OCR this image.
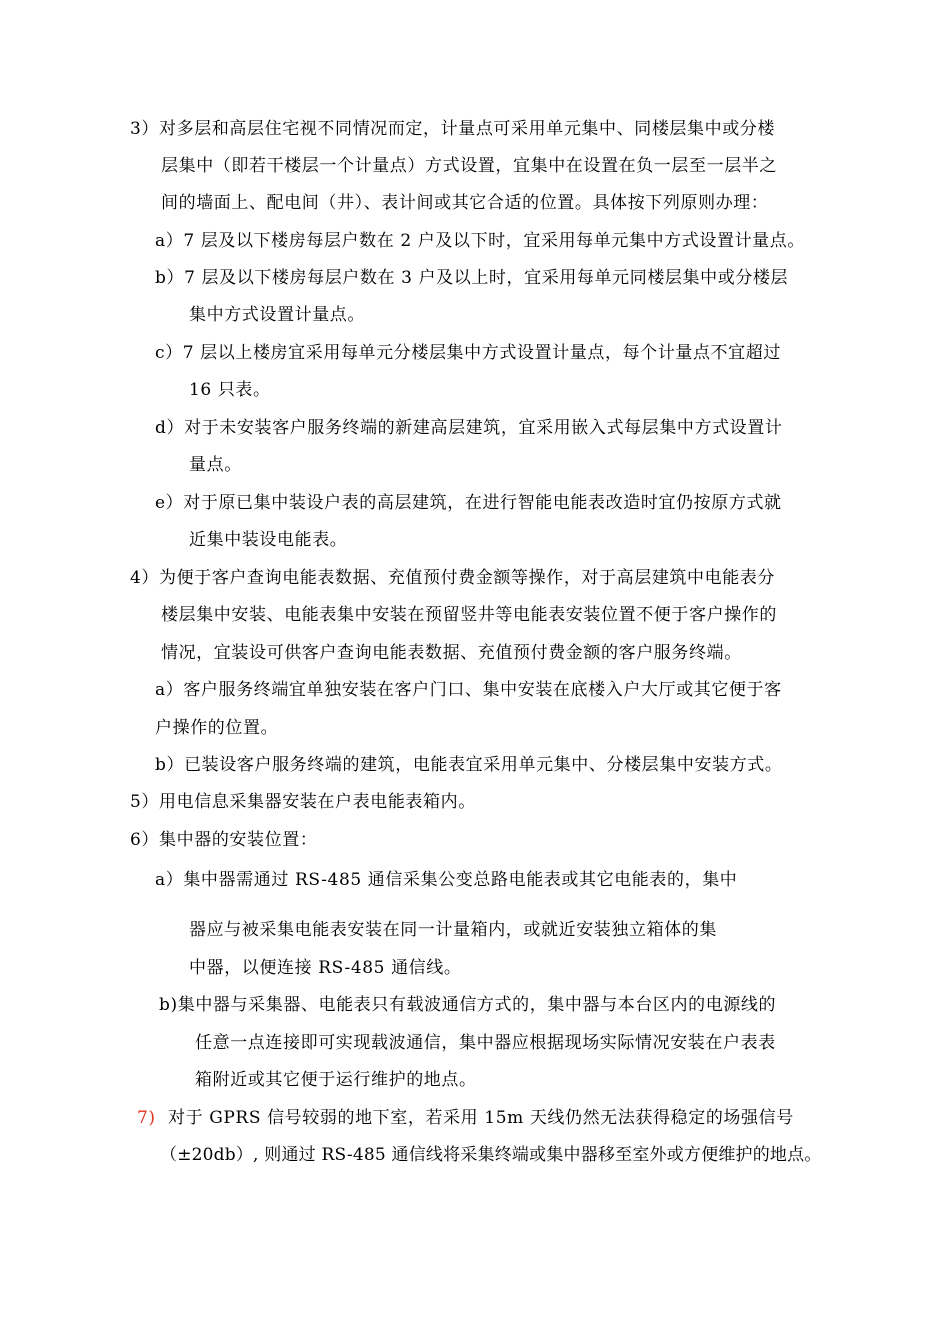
3）对多层和高层住宅视不同情况而定，计量点可采用单元集中、同楼层集中或分楼
层集中（即若干楼层一个计量点）方式设置，宜集中在设置在负一层至一层半之
间的墙面上、配电间（井）、表计间或其它合适的位置。具体按下列原则办理：
a）7 层及以下楼房每层户数在 2 户及以下时，宜采用每单元集中方式设置计量点。
b）7 层及以下楼房每层户数在 3 户及以上时，宜采用每单元同楼层集中或分楼层
集中方式设置计量点。
c）7 层以上楼房宜采用每单元分楼层集中方式设置计量点，每个计量点不宜超过
16 只表。
d）对于未安装客户服务终端的新建高层建筑，宜采用嵌入式每层集中方式设置计
量点。
e）对于原已集中装设户表的高层建筑，在进行智能电能表改造时宜仍按原方式就
近集中装设电能表。
4）为便于客户查询电能表数据、充值预付费金额等操作，对于高层建筑中电能表分
楼层集中安装、电能表集中安装在预留竖井等电能表安装位置不便于客户操作的
情况，宜装设可供客户查询电能表数据、充值预付费金额的客户服务终端。
a）客户服务终端宜单独安装在客户门口、集中安装在底楼入户大厅或其它便于客
户操作的位置。
b）已装设客户服务终端的建筑，电能表宜采用单元集中、分楼层集中安装方式。
5）用电信息采集器安装在户表电能表箱内。
6）集中器的安装位置：
a）集中器需通过 RS-485 通信采集公变总路电能表或其它电能表的，集中
器应与被采集电能表安装在同一计量箱内，或就近安装独立箱体的集
中器，以便连接 RS-485 通信线。
b)集中器与采集器、电能表只有载波通信方式的，集中器与本台区内的电源线的
任意一点连接即可实现载波通信，集中器应根据现场实际情况安装在户表表
箱附近或其它便于运行维护的地点。
7) 对于 GPRS 信号较弱的地下室，若采用 15m 天线仍然无法获得稳定的场强信号
（±20db）, 则通过 RS-485 通信线将采集终端或集中器移至室外或方便维护的地点。
